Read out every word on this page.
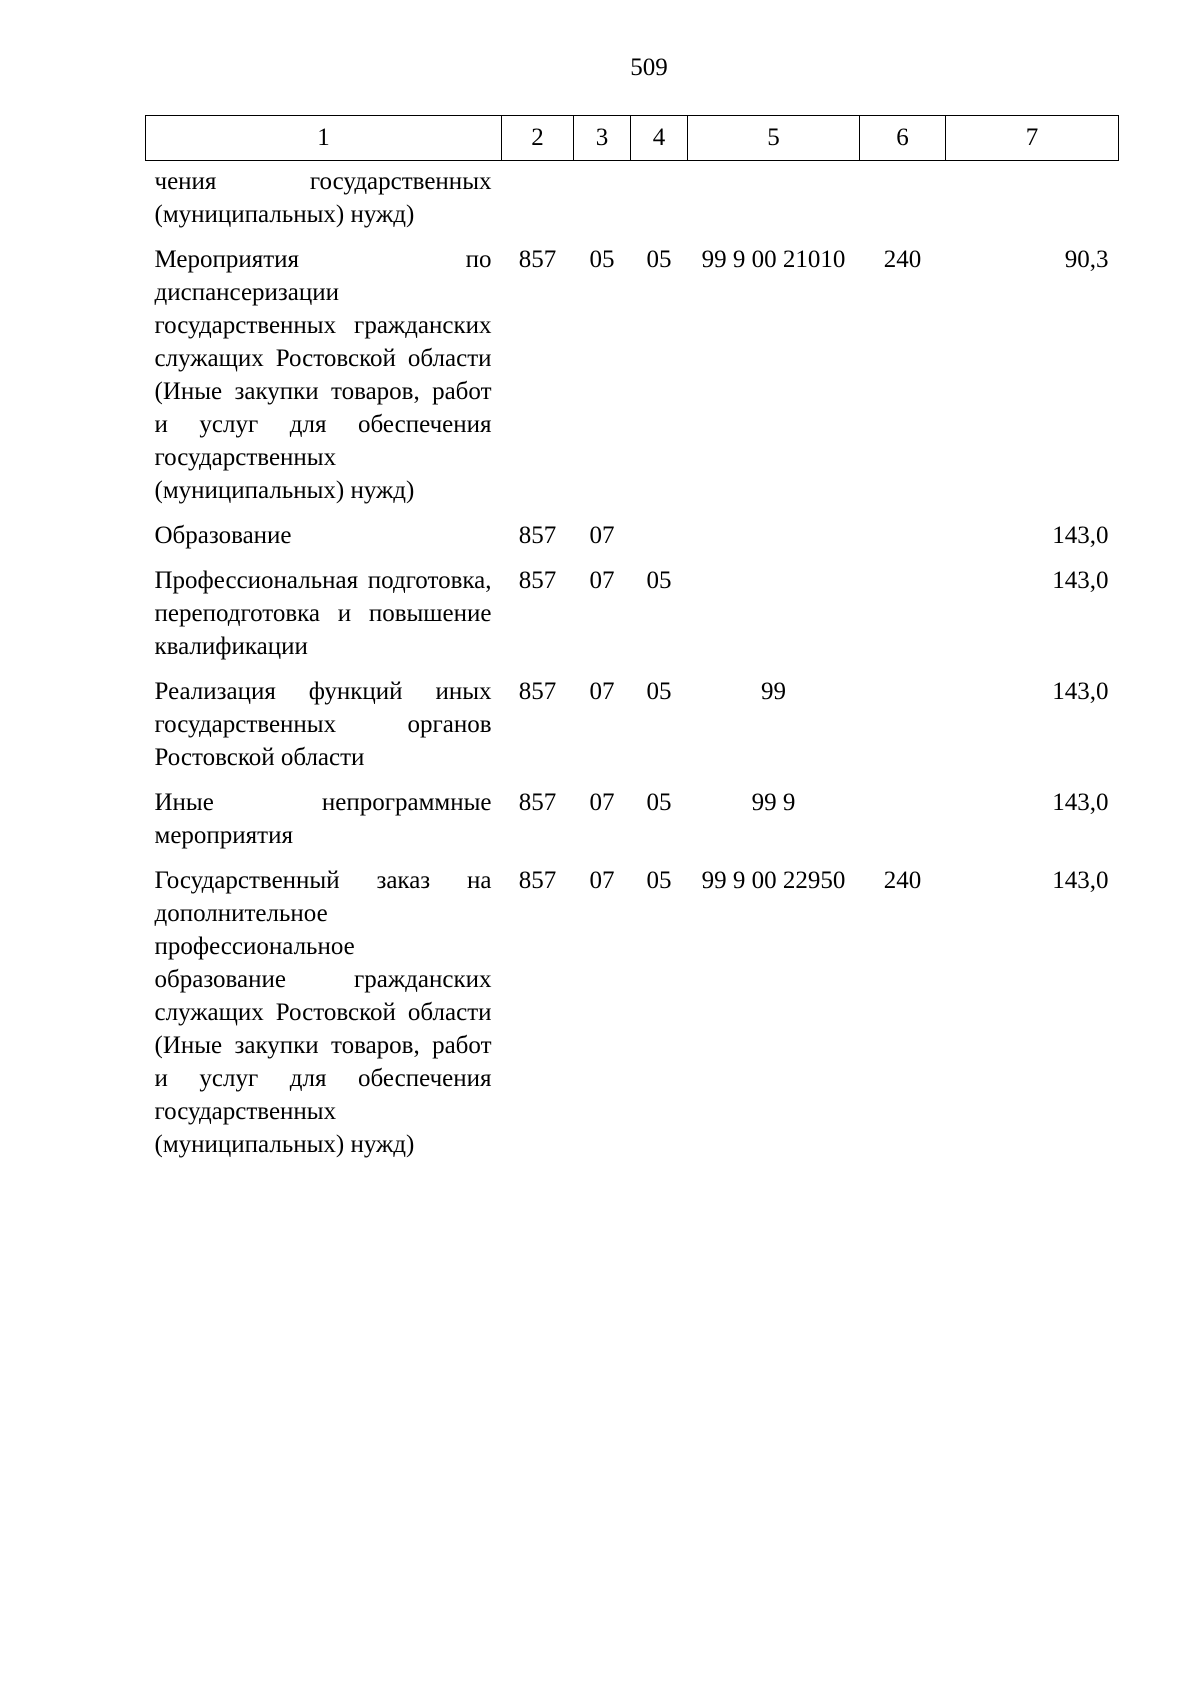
509
1	2	3	4	5	6	7
чения государственных (муниципальных) нужд)						
Мероприятия по диспансеризации государственных гражданских служащих Ростовской области (Иные закупки товаров, работ и услуг для обеспечения государственных (муниципальных) нужд)	857	05	05	99 9 00 21010	240	90,3
Образование	857	07				143,0
Профессиональная подготовка, переподготовка и повышение квалификации	857	07	05			143,0
Реализация функций иных государственных органов Ростовской области	857	07	05	99		143,0
Иные непрограммные мероприятия	857	07	05	99 9		143,0
Государственный заказ на дополнительное профессиональное образование гражданских служащих Ростовской области (Иные закупки товаров, работ и услуг для обеспечения государственных (муниципальных) нужд)	857	07	05	99 9 00 22950	240	143,0
